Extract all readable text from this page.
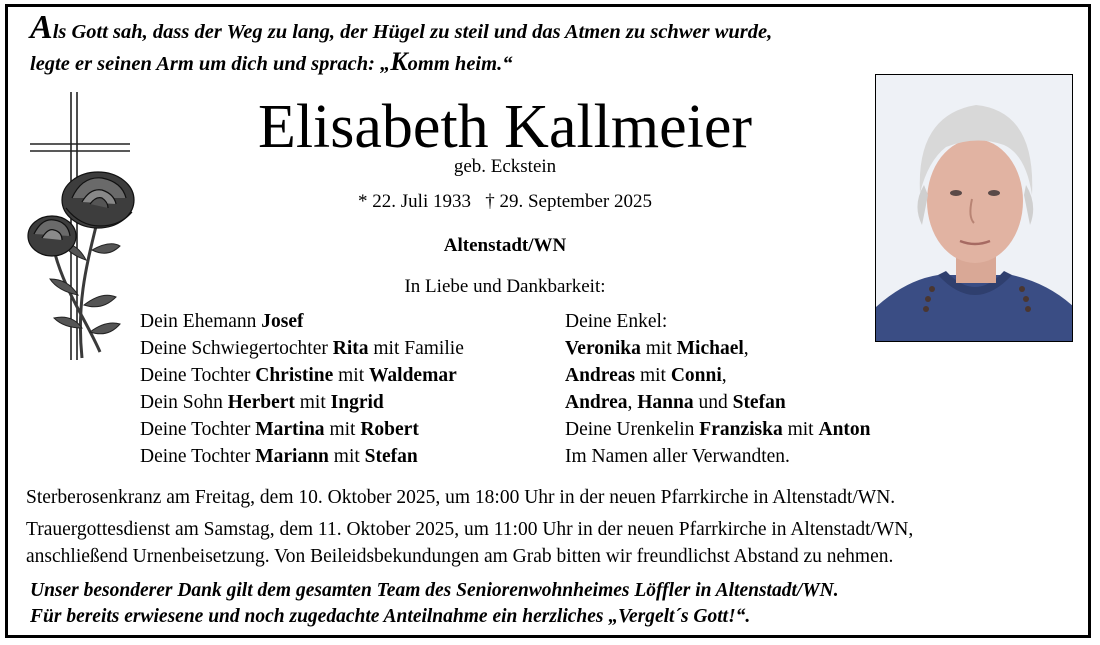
Als Gott sah, dass der Weg zu lang, der Hügel zu steil und das Atmen zu schwer wurde,
legte er seinen Arm um dich und sprach: „Komm heim.“
Elisabeth Kallmeier
geb. Eckstein
* 22. Juli 1933 † 29. September 2025
Altenstadt/WN
In Liebe und Dankbarkeit:
Dein Ehemann Josef
Deine Schwiegertochter Rita mit Familie
Deine Tochter Christine mit Waldemar
Dein Sohn Herbert mit Ingrid
Deine Tochter Martina mit Robert
Deine Tochter Mariann mit Stefan
Deine Enkel:
Veronika mit Michael,
Andreas mit Conni,
Andrea, Hanna und Stefan
Deine Urenkelin Franziska mit Anton
Im Namen aller Verwandten.
Sterberosenkranz am Freitag, dem 10. Oktober 2025, um 18:00 Uhr in der neuen Pfarrkirche in Altenstadt/WN.
Trauergottesdienst am Samstag, dem 11. Oktober 2025, um 11:00 Uhr in der neuen Pfarrkirche in Altenstadt/WN,
anschließend Urnenbeisetzung. Von Beileidsbekundungen am Grab bitten wir freundlichst Abstand zu nehmen.
Unser besonderer Dank gilt dem gesamten Team des Seniorenwohnheimes Löffler in Altenstadt/WN.
Für bereits erwiesene und noch zugedachte Anteilnahme ein herzliches „Vergelt´s Gott!“.
